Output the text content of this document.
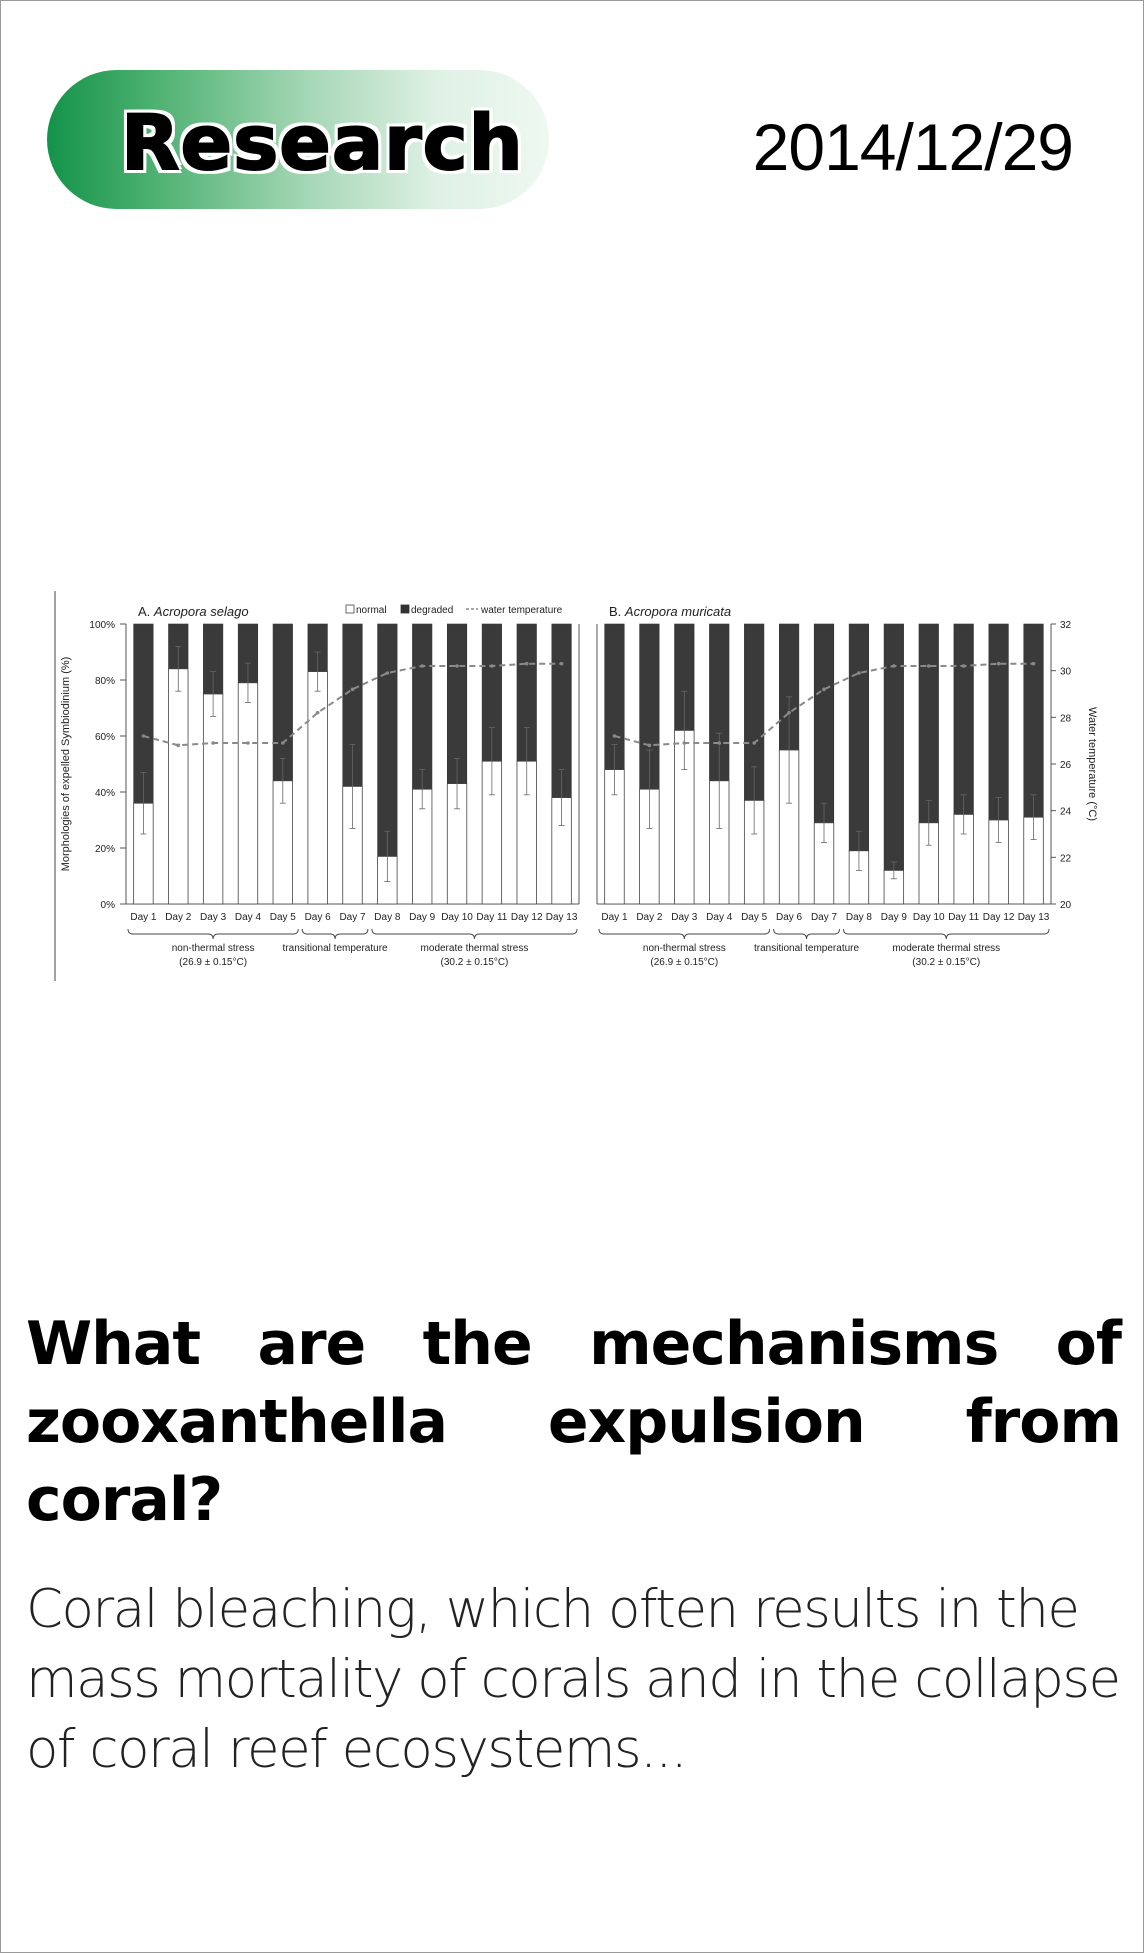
Research	2014/12/29
Morphologies of expelled Symbiodinium (%)	Water temperature (°C)
0%
20%
40%
60%
80%
100%
20
22
24
26
28
30
32
A. Acropora selago
Day 1 Day 2 Day 3 Day 4 Day 5 Day 6 Day 7 Day 8 Day 9 Day 10 Day 11 Day 12 Day 13
non-thermal stress
(26.9 ± 0.15°C)
transitional temperature	moderate thermal stress
(30.2 ± 0.15°C)
B. Acropora muricata
Day 1 Day 2 Day 3 Day 4 Day 5 Day 6 Day 7 Day 8 Day 9 Day 10 Day 11 Day 12 Day 13
non-thermal stress
(26.9 ± 0.15°C)
transitional temperature	moderate thermal stress
(30.2 ± 0.15°C)
normal degraded	water temperature
What are the mechanisms of zooxanthella expulsion from coral?
Coral bleaching, which often results in the mass mortality of corals and in the collapse of coral reef ecosystems...
